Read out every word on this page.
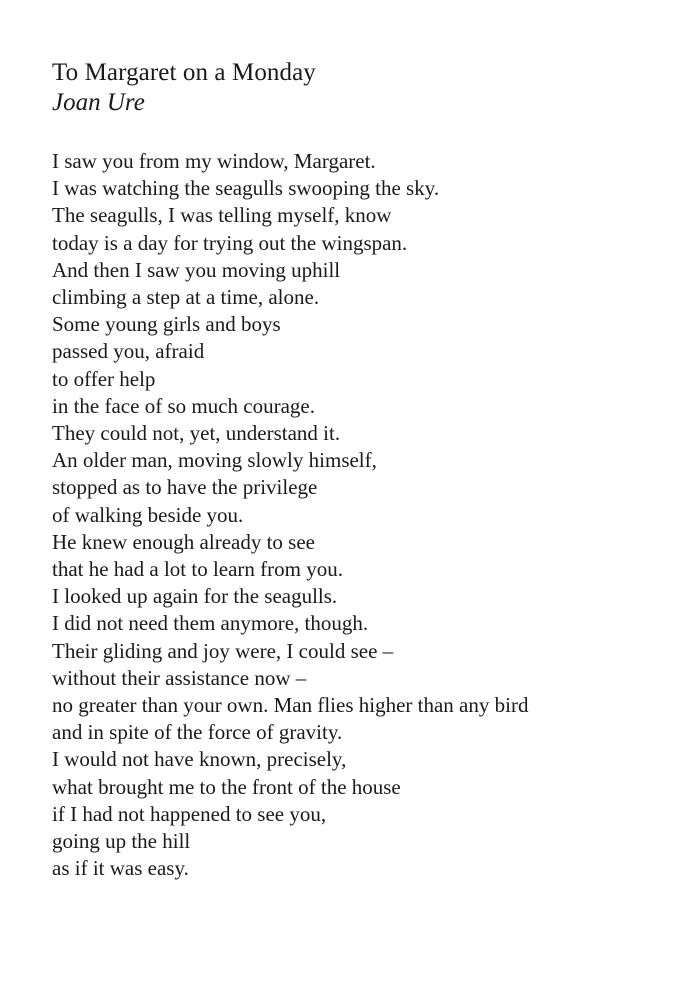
To Margaret on a Monday
Joan Ure
I saw you from my window, Margaret.
I was watching the seagulls swooping the sky.
The seagulls, I was telling myself, know
today is a day for trying out the wingspan.
And then I saw you moving uphill
climbing a step at a time, alone.
Some young girls and boys
passed you, afraid
to offer help
in the face of so much courage.
They could not, yet, understand it.
An older man, moving slowly himself,
stopped as to have the privilege
of walking beside you.
He knew enough already to see
that he had a lot to learn from you.
I looked up again for the seagulls.
I did not need them anymore, though.
Their gliding and joy were, I could see –
without their assistance now –
no greater than your own. Man flies higher than any bird
and in spite of the force of gravity.
I would not have known, precisely,
what brought me to the front of the house
if I had not happened to see you,
going up the hill
as if it was easy.
